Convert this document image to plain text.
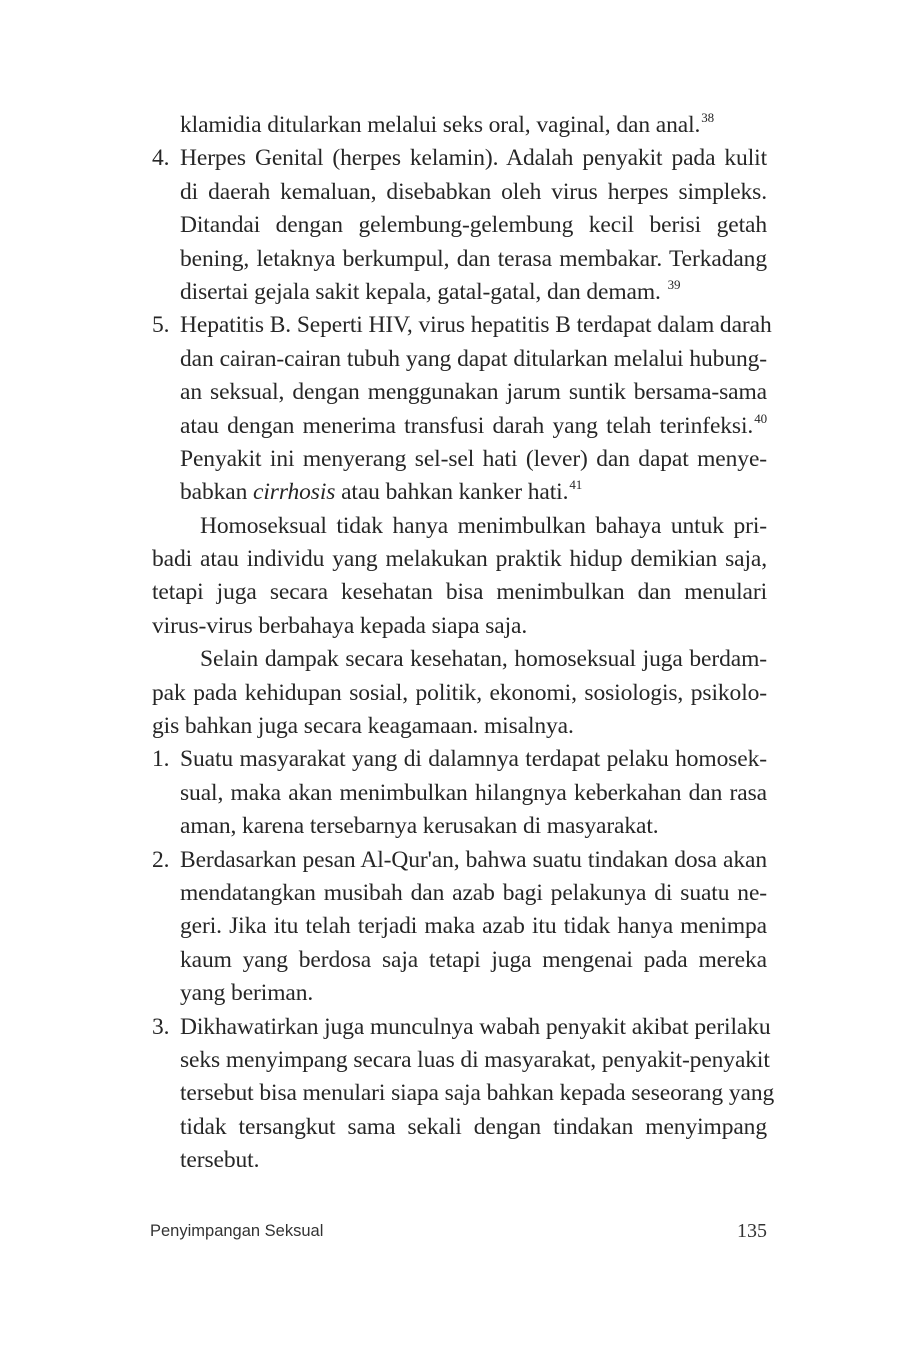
klamidia ditularkan melalui seks oral, vaginal, dan anal.$^{38}$
4. Herpes Genital (herpes kelamin). Adalah penyakit pada kulit
di daerah kemaluan, disebabkan oleh virus herpes simpleks.
Ditandai dengan gelembung-gelembung kecil berisi getah
bening, letaknya berkumpul, dan terasa membakar. Terkadang
disertai gejala sakit kepala, gatal-gatal, dan demam. $^{39}$
5. Hepatitis B. Seperti HIV, virus hepatitis B terdapat dalam darah
dan cairan-cairan tubuh yang dapat ditularkan melalui hubung-
an seksual, dengan menggunakan jarum suntik bersama-sama
atau dengan menerima transfusi darah yang telah terinfeksi.$^{40}$
Penyakit ini menyerang sel-sel hati (lever) dan dapat menye-
babkan cirrhosis atau bahkan kanker hati.$^{41}$
Homoseksual tidak hanya menimbulkan bahaya untuk pri-
badi atau individu yang melakukan praktik hidup demikian saja,
tetapi juga secara kesehatan bisa menimbulkan dan menulari
virus-virus berbahaya kepada siapa saja.
Selain dampak secara kesehatan, homoseksual juga berdam-
pak pada kehidupan sosial, politik, ekonomi, sosiologis, psikolo-
gis bahkan juga secara keagamaan. misalnya.
1. Suatu masyarakat yang di dalamnya terdapat pelaku homosek-
sual, maka akan menimbulkan hilangnya keberkahan dan rasa
aman, karena tersebarnya kerusakan di masyarakat.
2. Berdasarkan pesan Al-Qur'an, bahwa suatu tindakan dosa akan
mendatangkan musibah dan azab bagi pelakunya di suatu ne-
geri. Jika itu telah terjadi maka azab itu tidak hanya menimpa
kaum yang berdosa saja tetapi juga mengenai pada mereka
yang beriman.
3. Dikhawatirkan juga munculnya wabah penyakit akibat perilaku
seks menyimpang secara luas di masyarakat, penyakit-penyakit
tersebut bisa menulari siapa saja bahkan kepada seseorang yang
tidak tersangkut sama sekali dengan tindakan menyimpang
tersebut.
Penyimpangan Seksual	135
